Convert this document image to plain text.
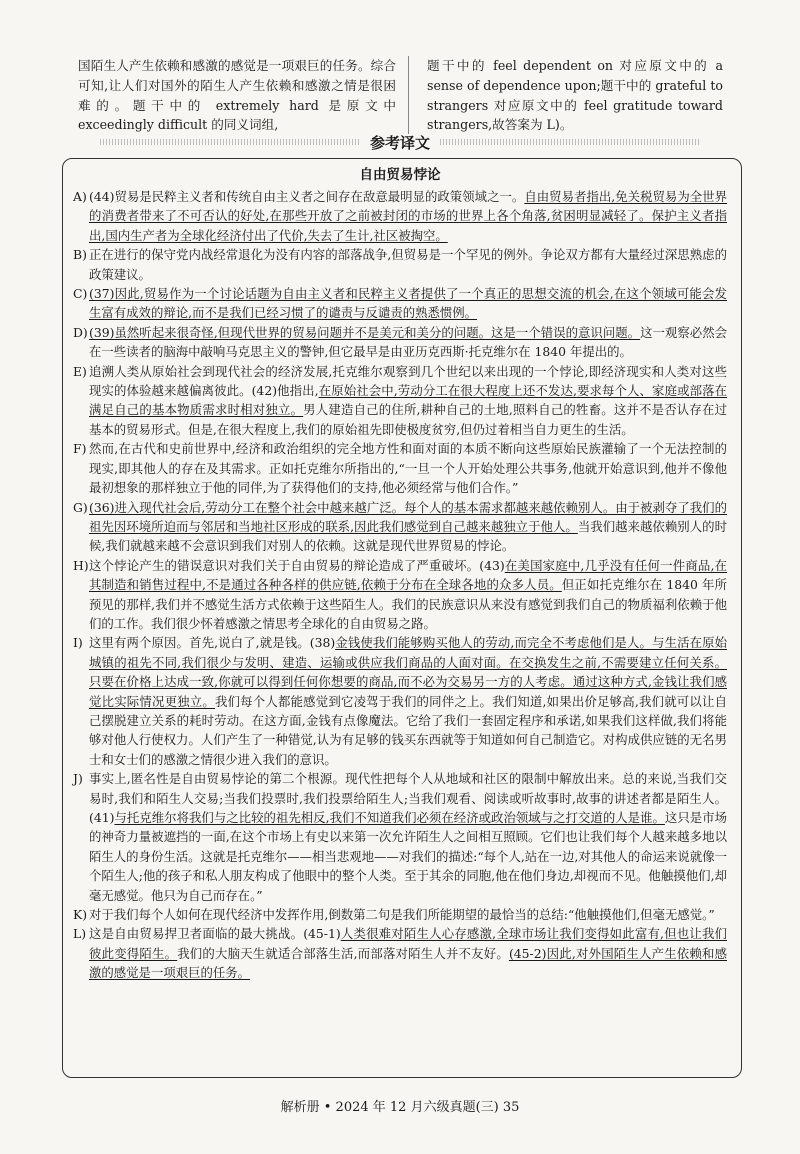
国陌生人产生依赖和感激的感觉是一项艰巨的任务。综合可知,让人们对国外的陌生人产生依赖和感激之情是很困难的。题干中的 extremely hard 是原文中 exceedingly difficult 的同义词组,
题干中的 feel dependent on 对应原文中的 a sense of dependence upon;题干中的 grateful to strangers 对应原文中的 feel gratitude toward strangers,故答案为 L)。
参考译文
自由贸易悖论
A) (44)贸易是民粹主义者和传统自由主义者之间存在敌意最明显的政策领域之一。自由贸易者指出,免关税贸易为全世界的消费者带来了不可否认的好处,在那些开放了之前被封闭的市场的世界上各个角落,贫困明显减轻了。保护主义者指出,国内生产者为全球化经济付出了代价,失去了生计,社区被掏空。
B) 正在进行的保守党内战经常退化为没有内容的部落战争,但贸易是一个罕见的例外。争论双方都有大量经过深思熟虑的政策建议。
C) (37)因此,贸易作为一个讨论话题为自由主义者和民粹主义者提供了一个真正的思想交流的机会,在这个领域可能会发生富有成效的辩论,而不是我们已经习惯了的谴责与反谴责的熟悉惯例。
D) (39)虽然听起来很奇怪,但现代世界的贸易问题并不是美元和美分的问题。这是一个错误的意识问题。这一观察必然会在一些读者的脑海中敲响马克思主义的警钟,但它最早是由亚历克西斯·托克维尔在 1840 年提出的。
E) 追溯人类从原始社会到现代社会的经济发展,托克维尔观察到几个世纪以来出现的一个悖论,即经济现实和人类对这些现实的体验越来越偏离彼此。(42)他指出,在原始社会中,劳动分工在很大程度上还不发达,要求每个人、家庭或部落在满足自己的基本物质需求时相对独立。男人建造自己的住所,耕种自己的土地,照料自己的牲畜。这并不是否认存在过基本的贸易形式。但是,在很大程度上,我们的原始祖先即使极度贫穷,但仍过着相当自力更生的生活。
F) 然而,在古代和史前世界中,经济和政治组织的完全地方性和面对面的本质不断向这些原始民族灌输了一个无法控制的现实,即其他人的存在及其需求。正如托克维尔所指出的,“一旦一个人开始处理公共事务,他就开始意识到,他并不像他最初想象的那样独立于他的同伴,为了获得他们的支持,他必须经常与他们合作。”
G) (36)进入现代社会后,劳动分工在整个社会中越来越广泛。每个人的基本需求都越来越依赖别人。由于被剥夺了我们的祖先因环境所迫而与邻居和当地社区形成的联系,因此我们感觉到自己越来越独立于他人。当我们越来越依赖别人的时候,我们就越来越不会意识到我们对别人的依赖。这就是现代世界贸易的悖论。
H) 这个悖论产生的错误意识对我们关于自由贸易的辩论造成了严重破坏。(43)在美国家庭中,几乎没有任何一件商品,在其制造和销售过程中,不是通过各种各样的供应链,依赖于分布在全球各地的众多人员。但正如托克维尔在 1840 年所预见的那样,我们并不感觉生活方式依赖于这些陌生人。我们的民族意识从来没有感觉到我们自己的物质福利依赖于他们的工作。我们很少怀着感激之情思考全球化的自由贸易之路。
I) 这里有两个原因。首先,说白了,就是钱。(38)金钱使我们能够购买他人的劳动,而完全不考虑他们是人。与生活在原始城镇的祖先不同,我们很少与发明、建造、运输或供应我们商品的人面对面。在交换发生之前,不需要建立任何关系。只要在价格上达成一致,你就可以得到任何你想要的商品,而不必为交易另一方的人考虑。通过这种方式,金钱让我们感觉比实际情况更独立。我们每个人都能感觉到它凌驾于我们的同伴之上。我们知道,如果出价足够高,我们就可以让自己摆脱建立关系的耗时劳动。在这方面,金钱有点像魔法。它给了我们一套固定程序和承诺,如果我们这样做,我们将能够对他人行使权力。人们产生了一种错觉,认为有足够的钱买东西就等于知道如何自己制造它。对构成供应链的无名男士和女士们的感激之情很少进入我们的意识。
J) 事实上,匿名性是自由贸易悖论的第二个根源。现代性把每个人从地域和社区的限制中解放出来。总的来说,当我们交易时,我们和陌生人交易;当我们投票时,我们投票给陌生人;当我们观看、阅读或听故事时,故事的讲述者都是陌生人。(41)与托克维尔将我们与之比较的祖先相反,我们不知道我们必须在经济或政治领域与之打交道的人是谁。这只是市场的神奇力量被遮挡的一面,在这个市场上有史以来第一次允许陌生人之间相互照顾。它们也让我们每个人越来越多地以陌生人的身份生活。这就是托克维尔——相当悲观地——对我们的描述:“每个人,站在一边,对其他人的命运来说就像一个陌生人;他的孩子和私人朋友构成了他眼中的整个人类。至于其余的同胞,他在他们身边,却视而不见。他触摸他们,却毫无感觉。他只为自己而存在。”
K) 对于我们每个人如何在现代经济中发挥作用,倒数第二句是我们所能期望的最恰当的总结:“他触摸他们,但毫无感觉。”
L) 这是自由贸易捍卫者面临的最大挑战。(45-1)人类很难对陌生人心存感激,全球市场让我们变得如此富有,但也让我们彼此变得陌生。我们的大脑天生就适合部落生活,而部落对陌生人并不友好。(45-2)因此,对外国陌生人产生依赖和感激的感觉是一项艰巨的任务。
解析册 • 2024 年 12 月六级真题(三) 35
